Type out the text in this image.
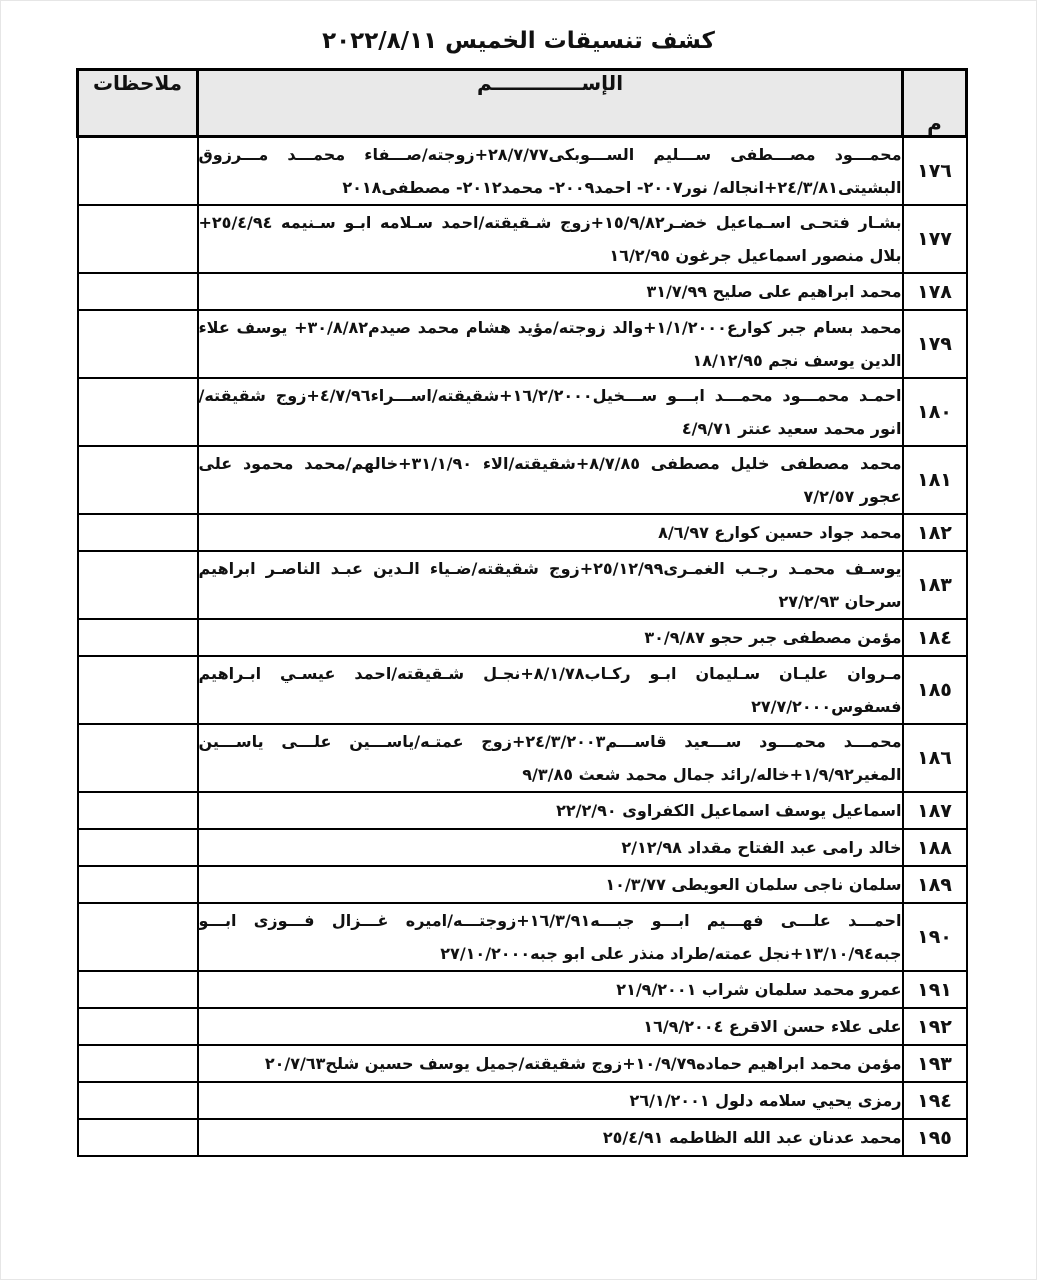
كشف تنسيقات الخميس ٢٠٢٢/٨/١١
م	الإســـــــــــــم	ملاحظات
١٧٦	محمـــود مصـــطفى ســـليم الســـوبكى٢٨/٧/٧٧+زوجته/صـــفاء محمـــد مـــرزوق البشيتى٢٤/٣/٨١+انجاله/ نور٢٠٠٧- احمد٢٠٠٩- محمد٢٠١٢- مصطفى٢٠١٨	
١٧٧	بشـار فتحـى اسـماعيل خضـر١٥/٩/٨٢+زوج شـقيقته/احمد سـلامه ابـو سـنيمه ٢٥/٤/٩٤+ بلال منصور اسماعيل جرغون ١٦/٢/٩٥	
١٧٨	محمد ابراهيم على صليح ٣١/٧/٩٩	
١٧٩	محمد بسام جبر كوارع١/١/٢٠٠٠+والد زوجته/مؤيد هشام محمد صيدم٣٠/٨/٨٢+ يوسف علاء الدين يوسف نجم ١٨/١٢/٩٥	
١٨٠	احمـد محمـــود محمـــد ابـــو ســـخيل١٦/٢/٢٠٠٠+شقيقته/اســـراء٤/٧/٩٦+زوج شقيقته/انور محمد سعيد عنتر ٤/٩/٧١	
١٨١	محمد مصطفى خليل مصطفى ٨/٧/٨٥+شقيقته/الاء ٣١/١/٩٠+خالهم/محمد محمود على عجور ٧/٢/٥٧	
١٨٢	محمد جواد حسين كوارع ٨/٦/٩٧	
١٨٣	يوسـف محمـد رجـب الغمـرى٢٥/١٢/٩٩+زوج شقيقته/ضـياء الـدين عبـد الناصـر ابراهيم سرحان ٢٧/٢/٩٣	
١٨٤	مؤمن مصطفى جبر حجو ٣٠/٩/٨٧	
١٨٥	مـروان عليـان سـليمان ابـو ركـاب٨/١/٧٨+نجـل شـقيقته/احمد عيسـي ابـراهيم فسفوس٢٧/٧/٢٠٠٠	
١٨٦	محمـــد محمـــود ســـعيد قاســـم٢٤/٣/٢٠٠٣+زوج عمتـه/ياســـين علـــى ياســـين المغير١/٩/٩٢+خاله/رائد جمال محمد شعث ٩/٣/٨٥	
١٨٧	اسماعيل يوسف اسماعيل الكفراوى ٢٢/٢/٩٠	
١٨٨	خالد رامى عبد الفتاح مقداد ٢/١٢/٩٨	
١٨٩	سلمان ناجى سلمان العويطى ١٠/٣/٧٧	
١٩٠	احمـــد علـــى فهـــيم ابـــو جبـــه١٦/٣/٩١+زوجتـــه/اميره غـــزال فـــوزى ابـــو جبه١٣/١٠/٩٤+نجل عمته/طراد منذر على ابو جبه٢٧/١٠/٢٠٠٠	
١٩١	عمرو محمد سلمان شراب ٢١/٩/٢٠٠١	
١٩٢	على علاء حسن الاقرع ١٦/٩/٢٠٠٤	
١٩٣	مؤمن محمد ابراهيم حماده١٠/٩/٧٩+زوج شقيقته/جميل يوسف حسين شلح٢٠/٧/٦٣	
١٩٤	رمزى يحيي سلامه دلول ٢٦/١/٢٠٠١	
١٩٥	محمد عدنان عبد الله الظاطمه ٢٥/٤/٩١	
